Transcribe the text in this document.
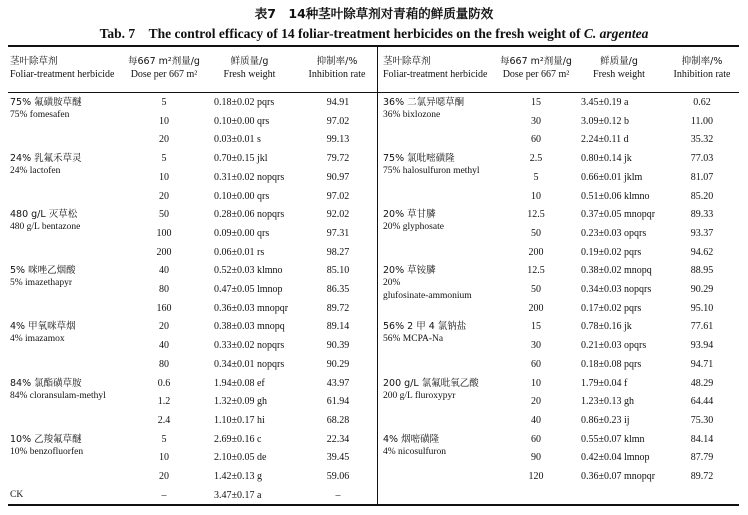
表7　14种茎叶除草剂对青葙的鲜质量防效
Tab. 7　The control efficacy of 14 foliar-treatment herbicides on the fresh weight of C. argentea
茎叶除草剂
Foliar-treatment herbicide
每667 m²剂量/g
Dose per 667 m²
鲜质量/g
Fresh weight
抑制率/%
Inhibition rate
茎叶除草剂
Foliar-treatment herbicide
每667 m²剂量/g
Dose per 667 m²
鲜质量/g
Fresh weight
抑制率/%
Inhibition rate
75% 氟磺胺草醚
75% fomesafen
5	0.18±0.02 pqrs	94.91
10	0.10±0.00 qrs	97.02
20	0.03±0.01 s	99.13
24% 乳氟禾草灵
24% lactofen
5	0.70±0.15 jkl	79.72
10	0.31±0.02 nopqrs	90.97
20	0.10±0.00 qrs	97.02
480 g/L 灭草松
480 g/L bentazone
50	0.28±0.06 nopqrs	92.02
100	0.09±0.00 qrs	97.31
200	0.06±0.01 rs	98.27
5% 咪唑乙烟酸
5% imazethapyr
40	0.52±0.03 klmno	85.10
80	0.47±0.05 lmnop	86.35
160	0.36±0.03 mnopqr	89.72
4% 甲氧咪草烟
4% imazamox
20	0.38±0.03 mnopq	89.14
40	0.33±0.02 nopqrs	90.39
80	0.34±0.01 nopqrs	90.29
84% 氯酯磺草胺
84% cloransulam-methyl
0.6	1.94±0.08 ef	43.97
1.2	1.32±0.09 gh	61.94
2.4	1.10±0.17 hi	68.28
10% 乙羧氟草醚
10% benzofluorfen
5	2.69±0.16 c	22.34
10	2.10±0.05 de	39.45
20	1.42±0.13 g	59.06
CK	–	3.47±0.17 a	–
36% 二氯异噁草酮
36% bixlozone
15	3.45±0.19 a	0.62
30	3.09±0.12 b	11.00
60	2.24±0.11 d	35.32
75% 氯吡嘧磺隆
75% halosulfuron methyl
2.5	0.80±0.14 jk	77.03
5	0.66±0.01 jklm	81.07
10	0.51±0.06 klmno	85.20
20% 草甘膦
20% glyphosate
12.5	0.37±0.05 mnopqr	89.33
50	0.23±0.03 opqrs	93.37
200	0.19±0.02 pqrs	94.62
20% 草铵膦
20%
glufosinate-ammonium
12.5	0.38±0.02 mnopq	88.95
50	0.34±0.03 nopqrs	90.29
200	0.17±0.02 pqrs	95.10
56% 2 甲 4 氯钠盐
56% MCPA-Na
15	0.78±0.16 jk	77.61
30	0.21±0.03 opqrs	93.94
60	0.18±0.08 pqrs	94.71
200 g/L 氯氟吡氧乙酸
200 g/L fluroxypyr
10	1.79±0.04 f	48.29
20	1.23±0.13 gh	64.44
40	0.86±0.23 ij	75.30
4% 烟嘧磺隆
4% nicosulfuron
60	0.55±0.07 klmn	84.14
90	0.42±0.04 lmnop	87.79
120	0.36±0.07 mnopqr	89.72
